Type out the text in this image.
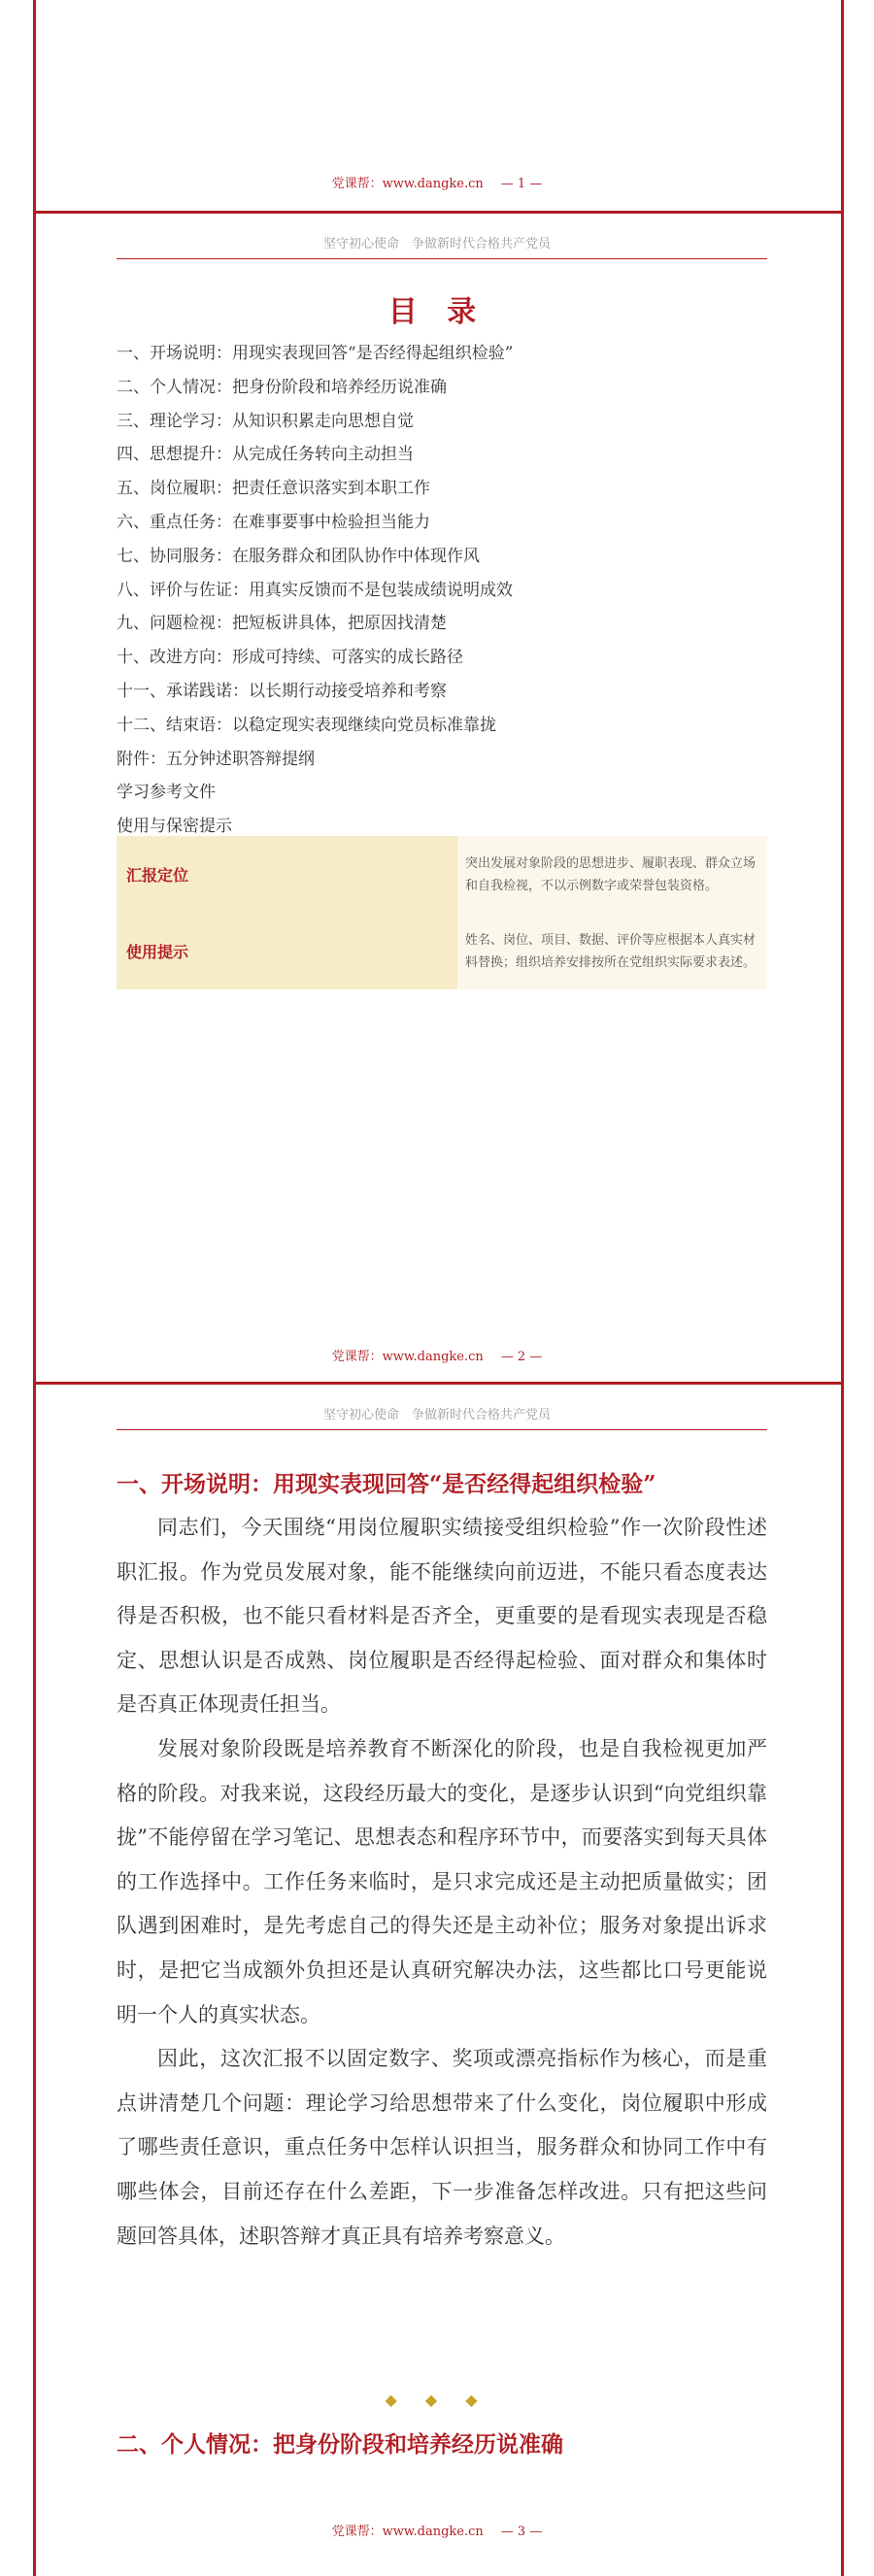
党课帮：www.dangke.cn — 1 —
坚守初心使命　争做新时代合格共产党员
目 录
一、开场说明：用现实表现回答“是否经得起组织检验”
二、个人情况：把身份阶段和培养经历说准确
三、理论学习：从知识积累走向思想自觉
四、思想提升：从完成任务转向主动担当
五、岗位履职：把责任意识落实到本职工作
六、重点任务：在难事要事中检验担当能力
七、协同服务：在服务群众和团队协作中体现作风
八、评价与佐证：用真实反馈而不是包装成绩说明成效
九、问题检视：把短板讲具体，把原因找清楚
十、改进方向：形成可持续、可落实的成长路径
十一、承诺践诺：以长期行动接受培养和考察
十二、结束语：以稳定现实表现继续向党员标准靠拢
附件：五分钟述职答辩提纲
学习参考文件
使用与保密提示
汇报定位	突出发展对象阶段的思想进步、履职表现、群众立场和自我检视，不以示例数字或荣誉包装资格。
使用提示	姓名、岗位、项目、数据、评价等应根据本人真实材料替换；组织培养安排按所在党组织实际要求表述。
党课帮：www.dangke.cn — 2 —
坚守初心使命　争做新时代合格共产党员
一、开场说明：用现实表现回答“是否经得起组织检验”

同志们，今天围绕“用岗位履职实绩接受组织检验”作一次阶段性述职汇报。作为党员发展对象，能不能继续向前迈进，不能只看态度表达得是否积极，也不能只看材料是否齐全，更重要的是看现实表现是否稳定、思想认识是否成熟、岗位履职是否经得起检验、面对群众和集体时是否真正体现责任担当。

发展对象阶段既是培养教育不断深化的阶段，也是自我检视更加严格的阶段。对我来说，这段经历最大的变化，是逐步认识到“向党组织靠拢”不能停留在学习笔记、思想表态和程序环节中，而要落实到每天具体的工作选择中。工作任务来临时，是只求完成还是主动把质量做实；团队遇到困难时，是先考虑自己的得失还是主动补位；服务对象提出诉求时，是把它当成额外负担还是认真研究解决办法，这些都比口号更能说明一个人的真实状态。

因此，这次汇报不以固定数字、奖项或漂亮指标作为核心，而是重点讲清楚几个问题：理论学习给思想带来了什么变化，岗位履职中形成了哪些责任意识，重点任务中怎样认识担当，服务群众和协同工作中有哪些体会，目前还存在什么差距，下一步准备怎样改进。只有把这些问题回答具体，述职答辩才真正具有培养考察意义。

◆ ◆ ◆
二、个人情况：把身份阶段和培养经历说准确
党课帮：www.dangke.cn — 3 —
